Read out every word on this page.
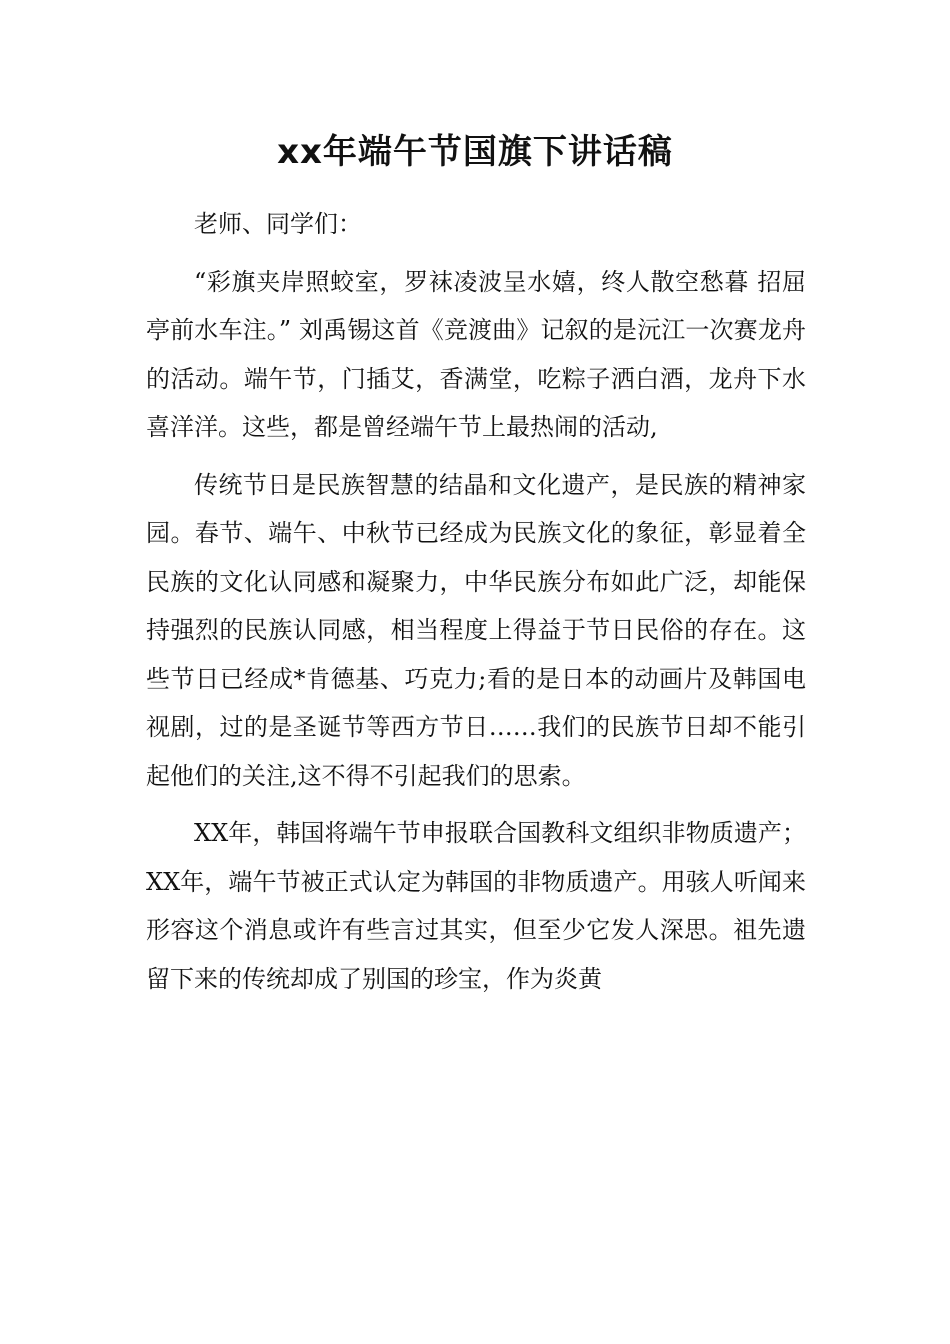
xx年端午节国旗下讲话稿

老师、同学们：

“彩旗夹岸照蛟室，罗袜凌波呈水嬉，终人散空愁暮 招屈亭前水车注。” 刘禹锡这首《竞渡曲》记叙的是沅江一次赛龙舟的活动。端午节，门插艾，香满堂，吃粽子洒白酒，龙舟下水喜洋洋。这些，都是曾经端午节上最热闹的活动,

传统节日是民族智慧的结晶和文化遗产，是民族的精神家园。春节、端午、中秋节已经成为民族文化的象征，彰显着全民族的文化认同感和凝聚力，中华民族分布如此广泛，却能保持强烈的民族认同感，相当程度上得益于节日民俗的存在。这些节日已经成*肯德基、巧克力;看的是日本的动画片及韩国电视剧，过的是圣诞节等西方节日……我们的民族节日却不能引起他们的关注,这不得不引起我们的思索。

XX年，韩国将端午节申报联合国教科文组织非物质遗产；XX年，端午节被正式认定为韩国的非物质遗产。用骇人听闻来形容这个消息或许有些言过其实，但至少它发人深思。祖先遗留下来的传统却成了别国的珍宝，作为炎黄
